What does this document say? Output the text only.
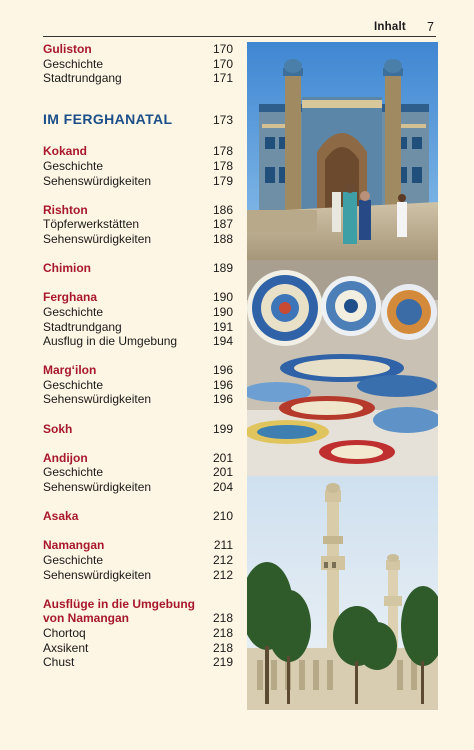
Inhalt 7
Guliston	170
Geschichte	170
Stadtrundgang	171
IM FERGHANATAL	173
Kokand	178
Geschichte	178
Sehenswürdigkeiten	179
Rishton	186
Töpferwerkstätten	187
Sehenswürdigkeiten	188
Chimion	189
Ferghana	190
Geschichte	190
Stadtrundgang	191
Ausflug in die Umgebung	194
Marg‘ilon	196
Geschichte	196
Sehenswürdigkeiten	196
Sokh	199
Andijon	201
Geschichte	201
Sehenswürdigkeiten	204
Asaka	210
Namangan	211
Geschichte	212
Sehenswürdigkeiten	212
Ausflüge in die Umgebung
von Namangan	218
Chortoq	218
Axsikent	218
Chust	219
